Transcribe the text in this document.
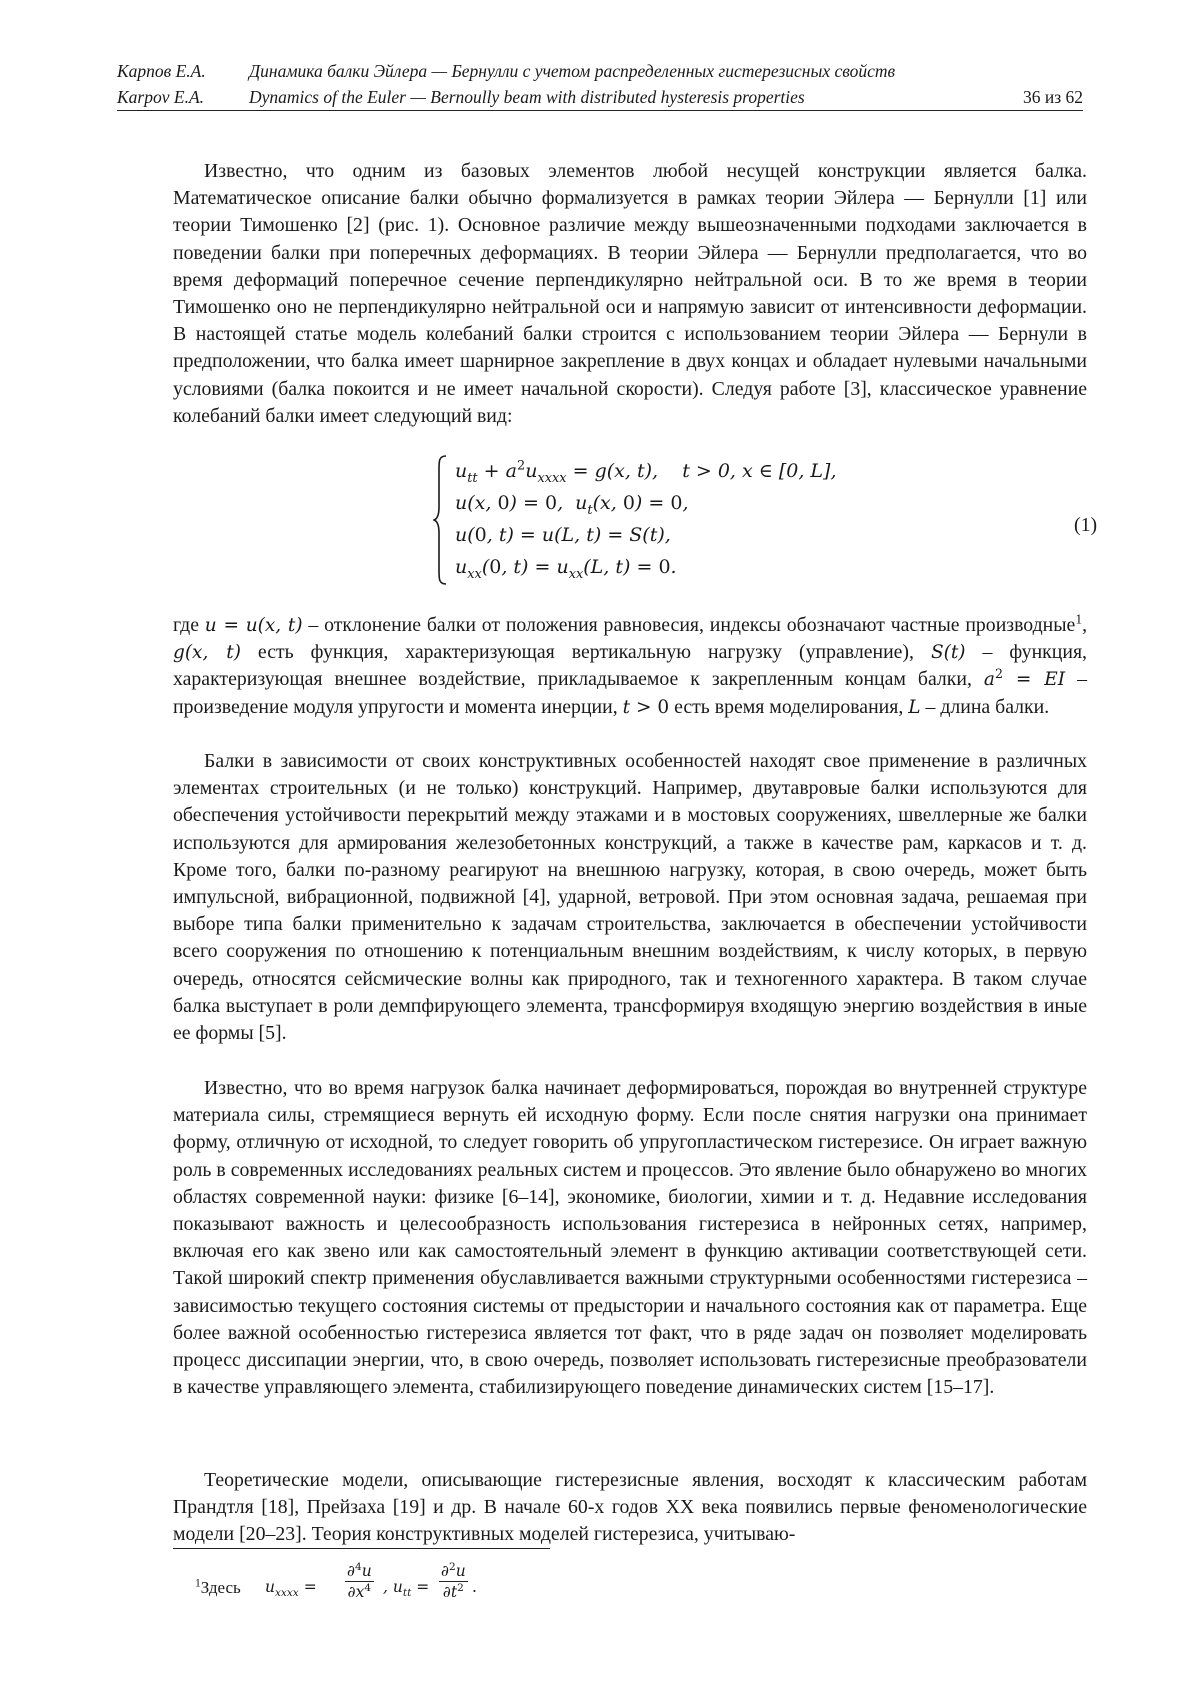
Карпов Е.А. Динамика балки Эйлера — Бернулли с учетом распределенных гистерезисных свойств
Karpov E.A.	Dynamics of the Euler — Bernoully beam with distributed hysteresis properties	36 из 62
Известно, что одним из базовых элементов любой несущей конструкции является балка. Математическое описание балки обычно формализуется в рамках теории Эйлера — Бернулли [1] или теории Тимошенко [2] (рис. 1). Основное различие между вышеозначенными подходами заключается в поведении балки при поперечных деформациях. В теории Эйлера — Бернулли предполагается, что во время деформаций поперечное сечение перпендикулярно нейтральной оси. В то же время в теории Тимошенко оно не перпендикулярно нейтральной оси и напрямую зависит от интенсивности деформации. В настоящей статье модель колебаний балки строится с использованием теории Эйлера — Бернули в предположении, что балка имеет шарнирное закрепление в двух концах и обладает нулевыми начальными условиями (балка покоится и не имеет начальной скорости). Следуя работе [3], классическое уравнение колебаний балки имеет следующий вид:
$u_{tt} + a^2u_{xxxx} = g(x$, t),    t > 0, x ∈ [0, L],
u(x, 0) = 0,  $u_t(x$, 0) = 0,
u(0, t) = u(L, t) = S(t),
$u_{xx}(0$, $t) = u_{xx}(L$, t) = 0.
(1)
где u = u(x, t) – отклонение балки от положения равновесия, индексы обозначают частные производные$^1$, g(x, t) есть функция, характеризующая вертикальную нагрузку (управление), S(t) – функция, характеризующая внешнее воздействие, прикладываемое к закрепленным концам балки, $a^2$ = EI – произведение модуля упругости и момента инерции, t > 0 есть время моделирования, L – длина балки.
Балки в зависимости от своих конструктивных особенностей находят свое применение в различных элементах строительных (и не только) конструкций. Например, двутавровые балки используются для обеспечения устойчивости перекрытий между этажами и в мостовых сооружениях, швеллерные же балки используются для армирования железобетонных конструкций, а также в качестве рам, каркасов и т. д. Кроме того, балки по-разному реагируют на внешнюю нагрузку, которая, в свою очередь, может быть импульсной, вибрационной, подвижной [4], ударной, ветровой. При этом основная задача, решаемая при выборе типа балки применительно к задачам строительства, заключается в обеспечении устойчивости всего сооружения по отношению к потенциальным внешним воздействиям, к числу которых, в первую очередь, относятся сейсмические волны как природного, так и техногенного характера. В таком случае балка выступает в роли демпфирующего элемента, трансформируя входящую энергию воздействия в иные ее формы [5].
Известно, что во время нагрузок балка начинает деформироваться, порождая во внутренней структуре материала силы, стремящиеся вернуть ей исходную форму. Если после снятия нагрузки она принимает форму, отличную от исходной, то следует говорить об упругопластическом гистерезисе. Он играет важную роль в современных исследованиях реальных систем и процессов. Это явление было обнаружено во многих областях современной науки: физике [6–14], экономике, биологии, химии и т. д. Недавние исследования показывают важность и целесообразность использования гистерезиса в нейронных сетях, например, включая его как звено или как самостоятельный элемент в функцию активации соответствующей сети. Такой широкий спектр применения обуславливается важными структурными особенностями гистерезиса – зависимостью текущего состояния системы от предыстории и начального состояния как от параметра. Еще более важной особенностью гистерезиса является тот факт, что в ряде задач он позволяет моделировать процесс диссипации энергии, что, в свою очередь, позволяет использовать гистерезисные преобразователи в качестве управляющего элемента, стабилизирующего поведение динамических систем [15–17].
Теоретические модели, описывающие гистерезисные явления, восходят к классическим работам Прандтля [18], Прейзаха [19] и др. В начале 60-х годов XX века появились первые феноменологические модели [20–23]. Теория конструктивных моделей гистерезиса, учитываю-
$^1$Здесь $u_{xxxx} = \frac{\partial^4u}{\partial x^4}$ , $u_{tt} = \frac{\partial^2u}{\partial t^2}$ .
